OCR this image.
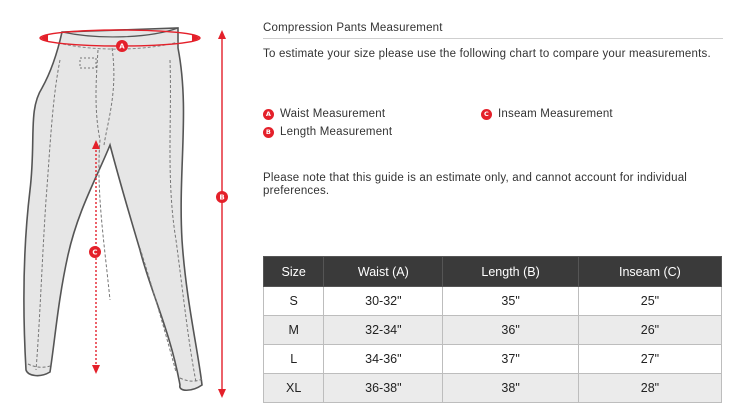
A
B
C

Compression Pants Measurement

To estimate your size please use the following chart to compare your measurements.

A Waist Measurement
B Length Measurement
C Inseam Measurement

Please note that this guide is an estimate only, and cannot account for individual preferences.

Size	Waist (A)	Length (B)	Inseam (C)
S	30-32"	35"	25"
M	32-34"	36"	26"
L	34-36"	37"	27"
XL	36-38"	38"	28"
